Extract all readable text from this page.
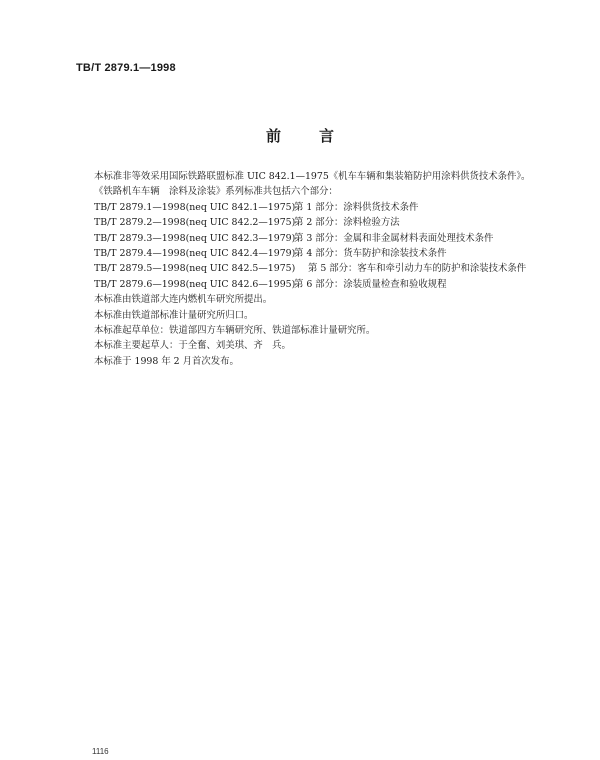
TB/T 2879.1—1998
前言

本标准非等效采用国际铁路联盟标准 UIC 842.1—1975《机车车辆和集装箱防护用涂料供货技术条件》。

《铁路机车车辆　涂料及涂装》系列标准共包括六个部分：

TB/T 2879.1—1998(neq UIC 842.1—1975)第 1 部分：涂料供货技术条件
TB/T 2879.2—1998(neq UIC 842.2—1975)第 2 部分：涂料检验方法
TB/T 2879.3—1998(neq UIC 842.3—1979)第 3 部分：金属和非金属材料表面处理技术条件
TB/T 2879.4—1998(neq UIC 842.4—1979)第 4 部分：货车防护和涂装技术条件

TB/T 2879.5—1998(neq UIC 842.5—1975) 第 5 部分：客车和牵引动力车的防护和涂装技术条件

TB/T 2879.6—1998(neq UIC 842.6—1995)第 6 部分：涂装质量检查和验收规程

本标准由铁道部大连内燃机车研究所提出。

本标准由铁道部标准计量研究所归口。

本标准起草单位：铁道部四方车辆研究所、铁道部标准计量研究所。

本标准主要起草人：于全奮、刘美琪、齐　兵。

本标准于 1998 年 2 月首次发布。

1116
